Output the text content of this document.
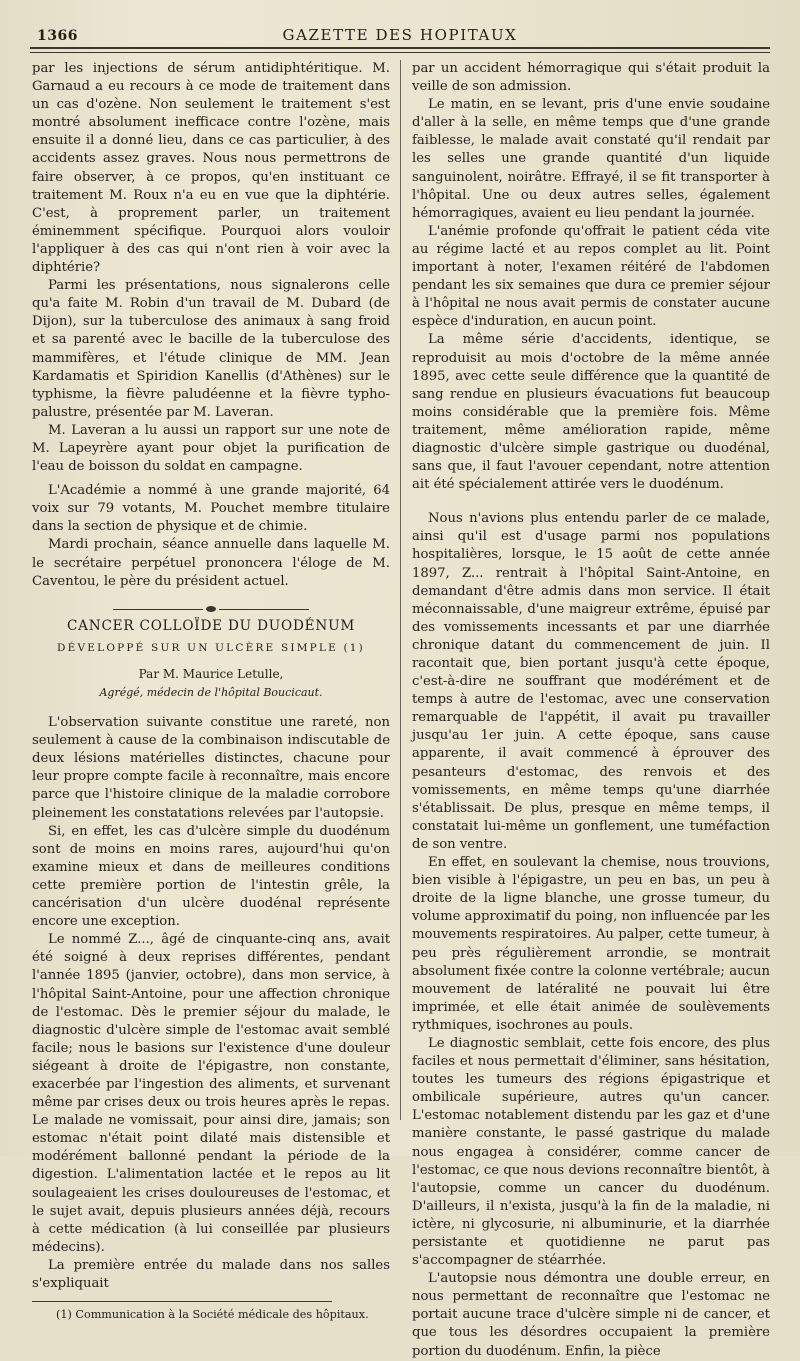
1366	GAZETTE DES HOPITAUX

par les injections de sérum antidiphtéritique. M. Garnaud a eu recours à ce mode de traitement dans un cas d'ozène. Non seulement le traitement s'est montré absolument inefficace contre l'ozène, mais ensuite il a donné lieu, dans ce cas particulier, à des accidents assez graves. Nous nous permettrons de faire observer, à ce propos, qu'en instituant ce traitement M. Roux n'a eu en vue que la diphtérie. C'est, à proprement parler, un traitement éminemment spécifique. Pourquoi alors vouloir l'appliquer à des cas qui n'ont rien à voir avec la diphtérie?

Parmi les présentations, nous signalerons celle qu'a faite M. Robin d'un travail de M. Dubard (de Dijon), sur la tuberculose des animaux à sang froid et sa parenté avec le bacille de la tuberculose des mammifères, et l'étude clinique de MM. Jean Kardamatis et Spiridion Kanellis (d'Athènes) sur le typhisme, la fièvre paludéenne et la fièvre typho-palustre, présentée par M. Laveran.

M. Laveran a lu aussi un rapport sur une note de M. Lapeyrère ayant pour objet la purification de l'eau de boisson du soldat en campagne.

L'Académie a nommé à une grande majorité, 64 voix sur 79 votants, M. Pouchet membre titulaire dans la section de physique et de chimie.

Mardi prochain, séance annuelle dans laquelle M. le secrétaire perpétuel prononcera l'éloge de M. Caventou, le père du président actuel.

CANCER COLLOÏDE DU DUODÉNUM
DÉVELOPPÉ SUR UN ULCÈRE SIMPLE (1)
Par M. Maurice Letulle,
Agrégé, médecin de l'hôpital Boucicaut.

L'observation suivante constitue une rareté, non seulement à cause de la combinaison indiscutable de deux lésions matérielles distinctes, chacune pour leur propre compte facile à reconnaître, mais encore parce que l'histoire clinique de la maladie corrobore pleinement les constatations relevées par l'autopsie.

Si, en effet, les cas d'ulcère simple du duodénum sont de moins en moins rares, aujourd'hui qu'on examine mieux et dans de meilleures conditions cette première portion de l'intestin grêle, la cancérisation d'un ulcère duodénal représente encore une exception.

Le nommé Z..., âgé de cinquante-cinq ans, avait été soigné à deux reprises différentes, pendant l'année 1895 (janvier, octobre), dans mon service, à l'hôpital Saint-Antoine, pour une affection chronique de l'estomac. Dès le premier séjour du malade, le diagnostic d'ulcère simple de l'estomac avait semblé facile; nous le basions sur l'existence d'une douleur siégeant à droite de l'épigastre, non constante, exacerbée par l'ingestion des aliments, et survenant même par crises deux ou trois heures après le repas. Le malade ne vomissait, pour ainsi dire, jamais; son estomac n'était point dilaté mais distensible et modérément ballonné pendant la période de la digestion. L'alimentation lactée et le repos au lit soulageaient les crises douloureuses de l'estomac, et le sujet avait, depuis plusieurs années déjà, recours à cette médication (à lui conseillée par plusieurs médecins).

La première entrée du malade dans nos salles s'expliquait

(1) Communication à la Société médicale des hôpitaux.

par un accident hémorragique qui s'était produit la veille de son admission.

Le matin, en se levant, pris d'une envie soudaine d'aller à la selle, en même temps que d'une grande faiblesse, le malade avait constaté qu'il rendait par les selles une grande quantité d'un liquide sanguinolent, noirâtre. Effrayé, il se fit transporter à l'hôpital. Une ou deux autres selles, également hémorragiques, avaient eu lieu pendant la journée.

L'anémie profonde qu'offrait le patient céda vite au régime lacté et au repos complet au lit. Point important à noter, l'examen réitéré de l'abdomen pendant les six semaines que dura ce premier séjour à l'hôpital ne nous avait permis de constater aucune espèce d'induration, en aucun point.

La même série d'accidents, identique, se reproduisit au mois d'octobre de la même année 1895, avec cette seule différence que la quantité de sang rendue en plusieurs évacuations fut beaucoup moins considérable que la première fois. Même traitement, même amélioration rapide, même diagnostic d'ulcère simple gastrique ou duodénal, sans que, il faut l'avouer cependant, notre attention ait été spécialement attirée vers le duodénum.

Nous n'avions plus entendu parler de ce malade, ainsi qu'il est d'usage parmi nos populations hospitalières, lorsque, le 15 août de cette année 1897, Z... rentrait à l'hôpital Saint-Antoine, en demandant d'être admis dans mon service. Il était méconnaissable, d'une maigreur extrême, épuisé par des vomissements incessants et par une diarrhée chronique datant du commencement de juin. Il racontait que, bien portant jusqu'à cette époque, c'est-à-dire ne souffrant que modérément et de temps à autre de l'estomac, avec une conservation remarquable de l'appétit, il avait pu travailler jusqu'au 1er juin. A cette époque, sans cause apparente, il avait commencé à éprouver des pesanteurs d'estomac, des renvois et des vomissements, en même temps qu'une diarrhée s'établissait. De plus, presque en même temps, il constatait lui-même un gonflement, une tuméfaction de son ventre.

En effet, en soulevant la chemise, nous trouvions, bien visible à l'épigastre, un peu en bas, un peu à droite de la ligne blanche, une grosse tumeur, du volume approximatif du poing, non influencée par les mouvements respiratoires. Au palper, cette tumeur, à peu près régulièrement arrondie, se montrait absolument fixée contre la colonne vertébrale; aucun mouvement de latéralité ne pouvait lui être imprimée, et elle était animée de soulèvements rythmiques, isochrones au pouls.

Le diagnostic semblait, cette fois encore, des plus faciles et nous permettait d'éliminer, sans hésitation, toutes les tumeurs des régions épigastrique et ombilicale supérieure, autres qu'un cancer. L'estomac notablement distendu par les gaz et d'une manière constante, le passé gastrique du malade nous engagea à considérer, comme cancer de l'estomac, ce que nous devions reconnaître bientôt, à l'autopsie, comme un cancer du duodénum. D'ailleurs, il n'exista, jusqu'à la fin de la maladie, ni ictère, ni glycosurie, ni albuminurie, et la diarrhée persistante et quotidienne ne parut pas s'accompagner de stéarrhée.

L'autopsie nous démontra une double erreur, en nous permettant de reconnaître que l'estomac ne portait aucune trace d'ulcère simple ni de cancer, et que tous les désordres occupaient la première portion du duodénum. Enfin, la pièce
